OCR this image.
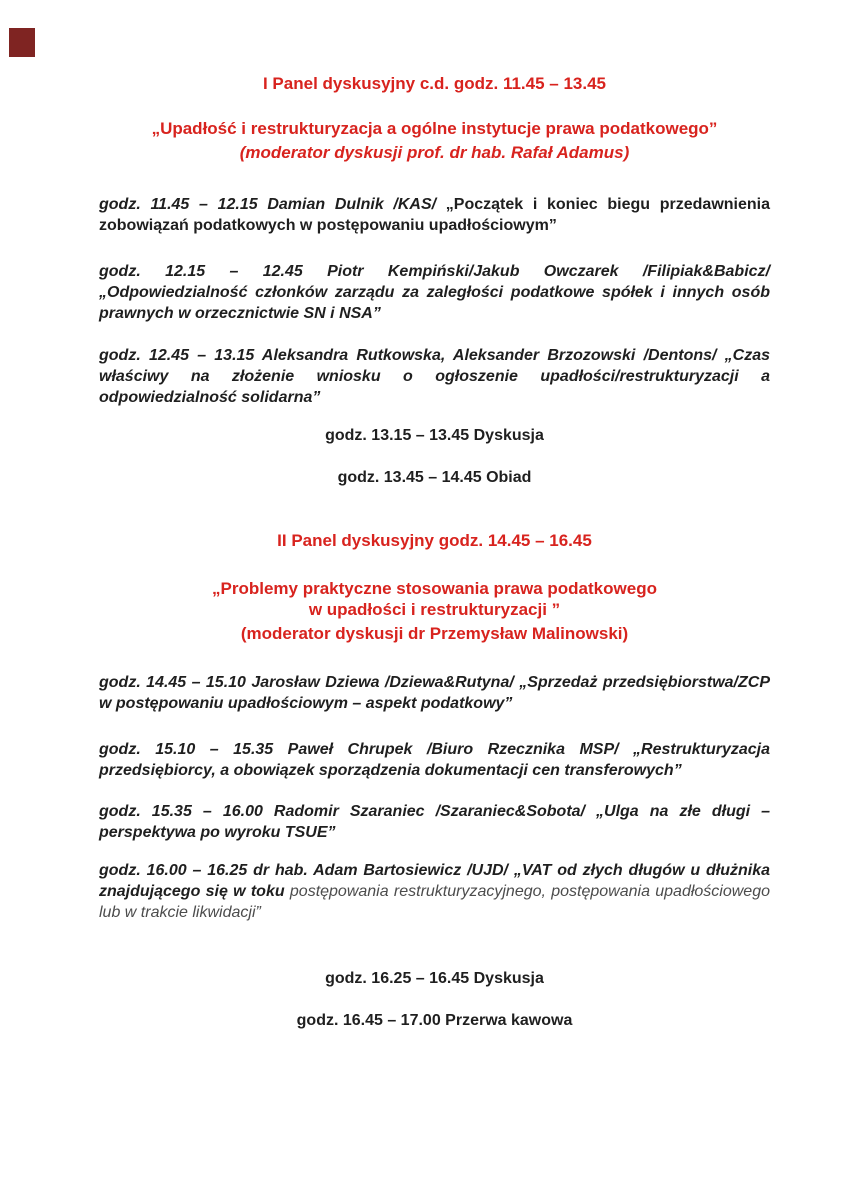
I Panel dyskusyjny c.d. godz. 11.45 – 13.45

„Upadłość i restrukturyzacja a ogólne instytucje prawa podatkowego”

(moderator dyskusji prof. dr hab. Rafał Adamus)

godz. 11.45 – 12.15 Damian Dulnik /KAS/ „Początek i koniec biegu przedawnienia zobowiązań podatkowych w postępowaniu upadłościowym”

godz. 12.15 – 12.45 Piotr Kempiński/Jakub Owczarek /Filipiak&Babicz/ „Odpowiedzialność członków zarządu za zaległości podatkowe spółek i innych osób prawnych w orzecznictwie SN i NSA”

godz. 12.45 – 13.15 Aleksandra Rutkowska, Aleksander Brzozowski /Dentons/ „Czas właściwy na złożenie wniosku o ogłoszenie upadłości/restrukturyzacji a odpowiedzialność solidarna”

godz. 13.15 – 13.45 Dyskusja

godz. 13.45 – 14.45 Obiad

II Panel dyskusyjny godz. 14.45 – 16.45

„Problemy praktyczne stosowania prawa podatkowego

w upadłości i restrukturyzacji ”

(moderator dyskusji dr Przemysław Malinowski)

godz. 14.45 – 15.10 Jarosław Dziewa /Dziewa&Rutyna/ „Sprzedaż przedsiębiorstwa/ZCP w postępowaniu upadłościowym – aspekt podatkowy”

godz. 15.10 – 15.35 Paweł Chrupek /Biuro Rzecznika MSP/ „Restrukturyzacja przedsiębiorcy, a obowiązek sporządzenia dokumentacji cen transferowych”

godz. 15.35 – 16.00 Radomir Szaraniec /Szaraniec&Sobota/ „Ulga na złe długi – perspektywa po wyroku TSUE”

godz. 16.00 – 16.25 dr hab. Adam Bartosiewicz /UJD/ „VAT od złych długów u dłużnika znajdującego się w toku postępowania restrukturyzacyjnego, postępowania upadłościowego lub w trakcie likwidacji”

godz. 16.25 – 16.45 Dyskusja

godz. 16.45 – 17.00 Przerwa kawowa
